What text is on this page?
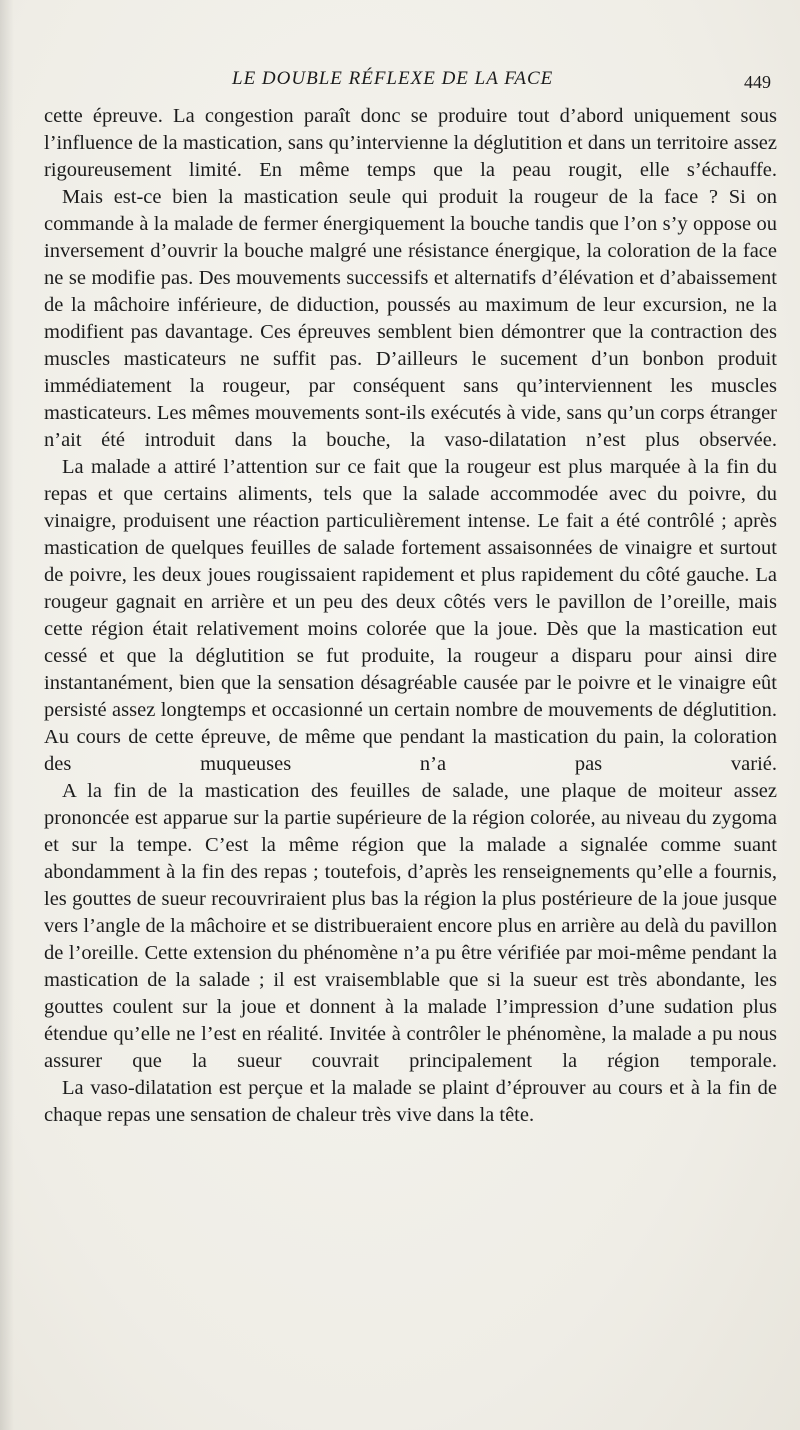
LE DOUBLE RÉFLEXE DE LA FACE	449

cette épreuve. La congestion paraît donc se produire tout d’abord uniquement sous l’influence de la mastication, sans qu’intervienne la déglutition et dans un territoire assez rigoureusement limité. En même temps que la peau rougit, elle s’échauffe.

Mais est-ce bien la mastication seule qui produit la rougeur de la face ? Si on commande à la malade de fermer énergiquement la bouche tandis que l’on s’y oppose ou inversement d’ouvrir la bouche malgré une résistance énergique, la coloration de la face ne se modifie pas. Des mouvements successifs et alternatifs d’élévation et d’abaissement de la mâchoire inférieure, de diduction, poussés au maximum de leur excursion, ne la modifient pas davantage. Ces épreuves semblent bien démontrer que la contraction des muscles masticateurs ne suffit pas. D’ailleurs le sucement d’un bonbon produit immédiatement la rougeur, par conséquent sans qu’interviennent les muscles masticateurs. Les mêmes mouvements sont-ils exécutés à vide, sans qu’un corps étranger n’ait été introduit dans la bouche, la vaso-dilatation n’est plus observée.

La malade a attiré l’attention sur ce fait que la rougeur est plus marquée à la fin du repas et que certains aliments, tels que la salade accommodée avec du poivre, du vinaigre, produisent une réaction particulièrement intense. Le fait a été contrôlé ; après mastication de quelques feuilles de salade fortement assaisonnées de vinaigre et surtout de poivre, les deux joues rougissaient rapidement et plus rapidement du côté gauche. La rougeur gagnait en arrière et un peu des deux côtés vers le pavillon de l’oreille, mais cette région était relativement moins colorée que la joue. Dès que la mastication eut cessé et que la déglutition se fut produite, la rougeur a disparu pour ainsi dire instantanément, bien que la sensation désagréable causée par le poivre et le vinaigre eût persisté assez longtemps et occasionné un certain nombre de mouvements de déglutition. Au cours de cette épreuve, de même que pendant la mastication du pain, la coloration des muqueuses n’a pas varié.

A la fin de la mastication des feuilles de salade, une plaque de moiteur assez prononcée est apparue sur la partie supérieure de la région colorée, au niveau du zygoma et sur la tempe. C’est la même région que la malade a signalée comme suant abondamment à la fin des repas ; toutefois, d’après les renseignements qu’elle a fournis, les gouttes de sueur recouvriraient plus bas la région la plus postérieure de la joue jusque vers l’angle de la mâchoire et se distribueraient encore plus en arrière au delà du pavillon de l’oreille. Cette extension du phénomène n’a pu être vérifiée par moi-même pendant la mastication de la salade ; il est vraisemblable que si la sueur est très abondante, les gouttes coulent sur la joue et donnent à la malade l’impression d’une sudation plus étendue qu’elle ne l’est en réalité. Invitée à contrôler le phénomène, la malade a pu nous assurer que la sueur couvrait principalement la région temporale.

La vaso-dilatation est perçue et la malade se plaint d’éprouver au cours et à la fin de chaque repas une sensation de chaleur très vive dans la tête.
